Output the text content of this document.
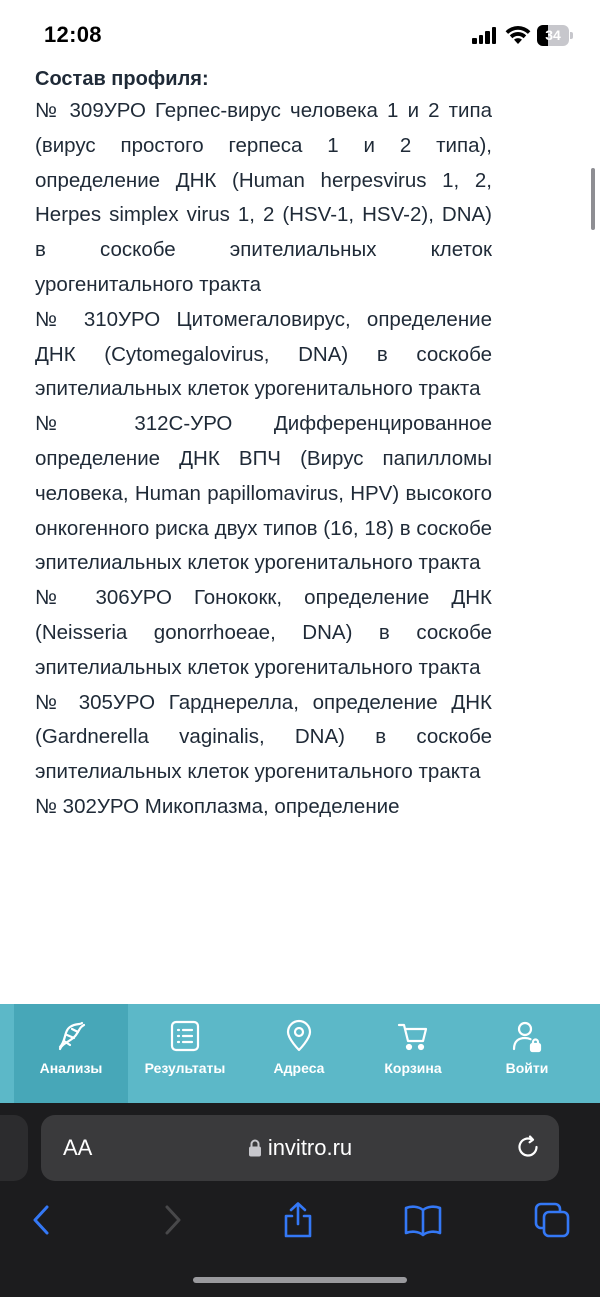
12:08	34
Состав профиля:

№ 309УРО Герпес-вирус человека 1 и 2 типа (вирус простого герпеса 1 и 2 типа), определение ДНК (Human herpesvirus 1, 2, Herpes simplex virus 1, 2 (HSV-1, HSV-2), DNA) в соскобе эпителиальных клеток урогенитального тракта

№ 310УРО Цитомегаловирус, определение ДНК (Cytomegalovirus, DNA) в соскобе эпителиальных клеток урогенитального тракта

№ 312С-УРО Дифференцированное определение ДНК ВПЧ (Вирус папилломы человека, Human papillomavirus, HPV) высокого онкогенного риска двух типов (16, 18) в соскобе эпителиальных клеток урогенитального тракта

№ 306УРО Гонококк, определение ДНК (Neisseria gonorrhoeae, DNA) в соскобе эпителиальных клеток урогенитального тракта

№ 305УРО Гарднерелла, определение ДНК (Gardnerella vaginalis, DNA) в соскобе эпителиальных клеток урогенитального тракта

№ 302УРО Микоплазма, определение

Анализы	Результаты	Адреса	Корзина	Войти
AA	invitro.ru
